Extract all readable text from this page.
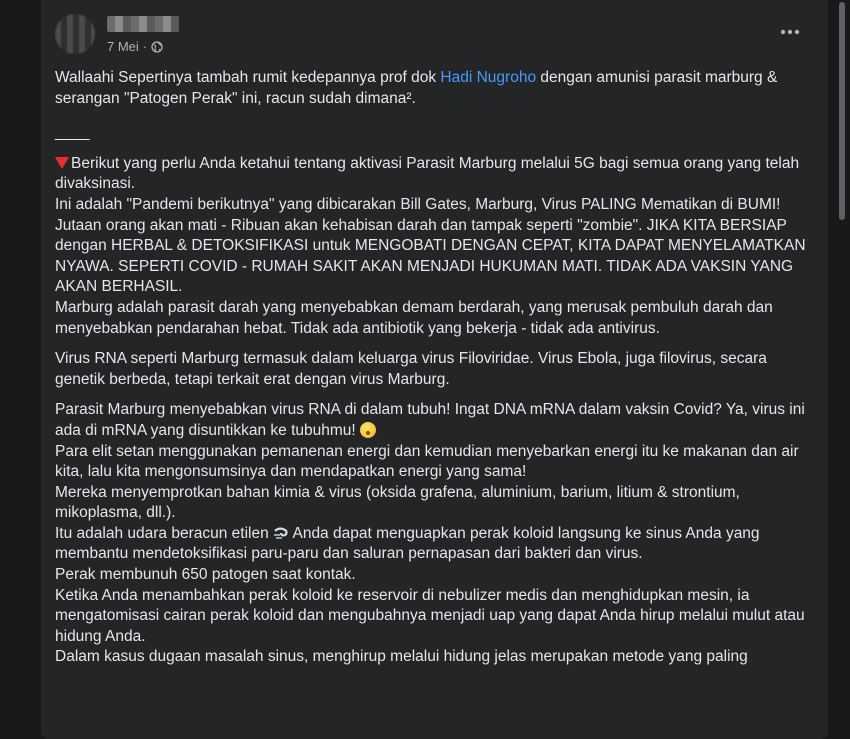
7 Mei ·

Wallaahi Sepertinya tambah rumit kedepannya prof dok Hadi Nugroho dengan amunisi parasit marburg & serangan "Patogen Perak" ini, racun sudah dimana².

____

Berikut yang perlu Anda ketahui tentang aktivasi Parasit Marburg melalui 5G bagi semua orang yang telah divaksinasi.

Ini adalah "Pandemi berikutnya" yang dibicarakan Bill Gates, Marburg, Virus PALING Mematikan di BUMI!

Jutaan orang akan mati - Ribuan akan kehabisan darah dan tampak seperti "zombie". JIKA KITA BERSIAP dengan HERBAL & DETOKSIFIKASI untuk MENGOBATI DENGAN CEPAT, KITA DAPAT MENYELAMATKAN NYAWA. SEPERTI COVID - RUMAH SAKIT AKAN MENJADI HUKUMAN MATI. TIDAK ADA VAKSIN YANG AKAN BERHASIL.

Marburg adalah parasit darah yang menyebabkan demam berdarah, yang merusak pembuluh darah dan menyebabkan pendarahan hebat. Tidak ada antibiotik yang bekerja - tidak ada antivirus.

Virus RNA seperti Marburg termasuk dalam keluarga virus Filoviridae. Virus Ebola, juga filovirus, secara genetik berbeda, tetapi terkait erat dengan virus Marburg.

Parasit Marburg menyebabkan virus RNA di dalam tubuh! Ingat DNA mRNA dalam vaksin Covid? Ya, virus ini ada di mRNA yang disuntikkan ke tubuhmu!

Para elit setan menggunakan pemanenan energi dan kemudian menyebarkan energi itu ke makanan dan air kita, lalu kita mengonsumsinya dan mendapatkan energi yang sama!

Mereka menyemprotkan bahan kimia & virus (oksida grafena, aluminium, barium, litium & strontium, mikoplasma, dll.).

Itu adalah udara beracun etilen  Anda dapat menguapkan perak koloid langsung ke sinus Anda yang membantu mendetoksifikasi paru-paru dan saluran pernapasan dari bakteri dan virus.

Perak membunuh 650 patogen saat kontak.

Ketika Anda menambahkan perak koloid ke reservoir di nebulizer medis dan menghidupkan mesin, ia mengatomisasi cairan perak koloid dan mengubahnya menjadi uap yang dapat Anda hirup melalui mulut atau hidung Anda.

Dalam kasus dugaan masalah sinus, menghirup melalui hidung jelas merupakan metode yang paling
